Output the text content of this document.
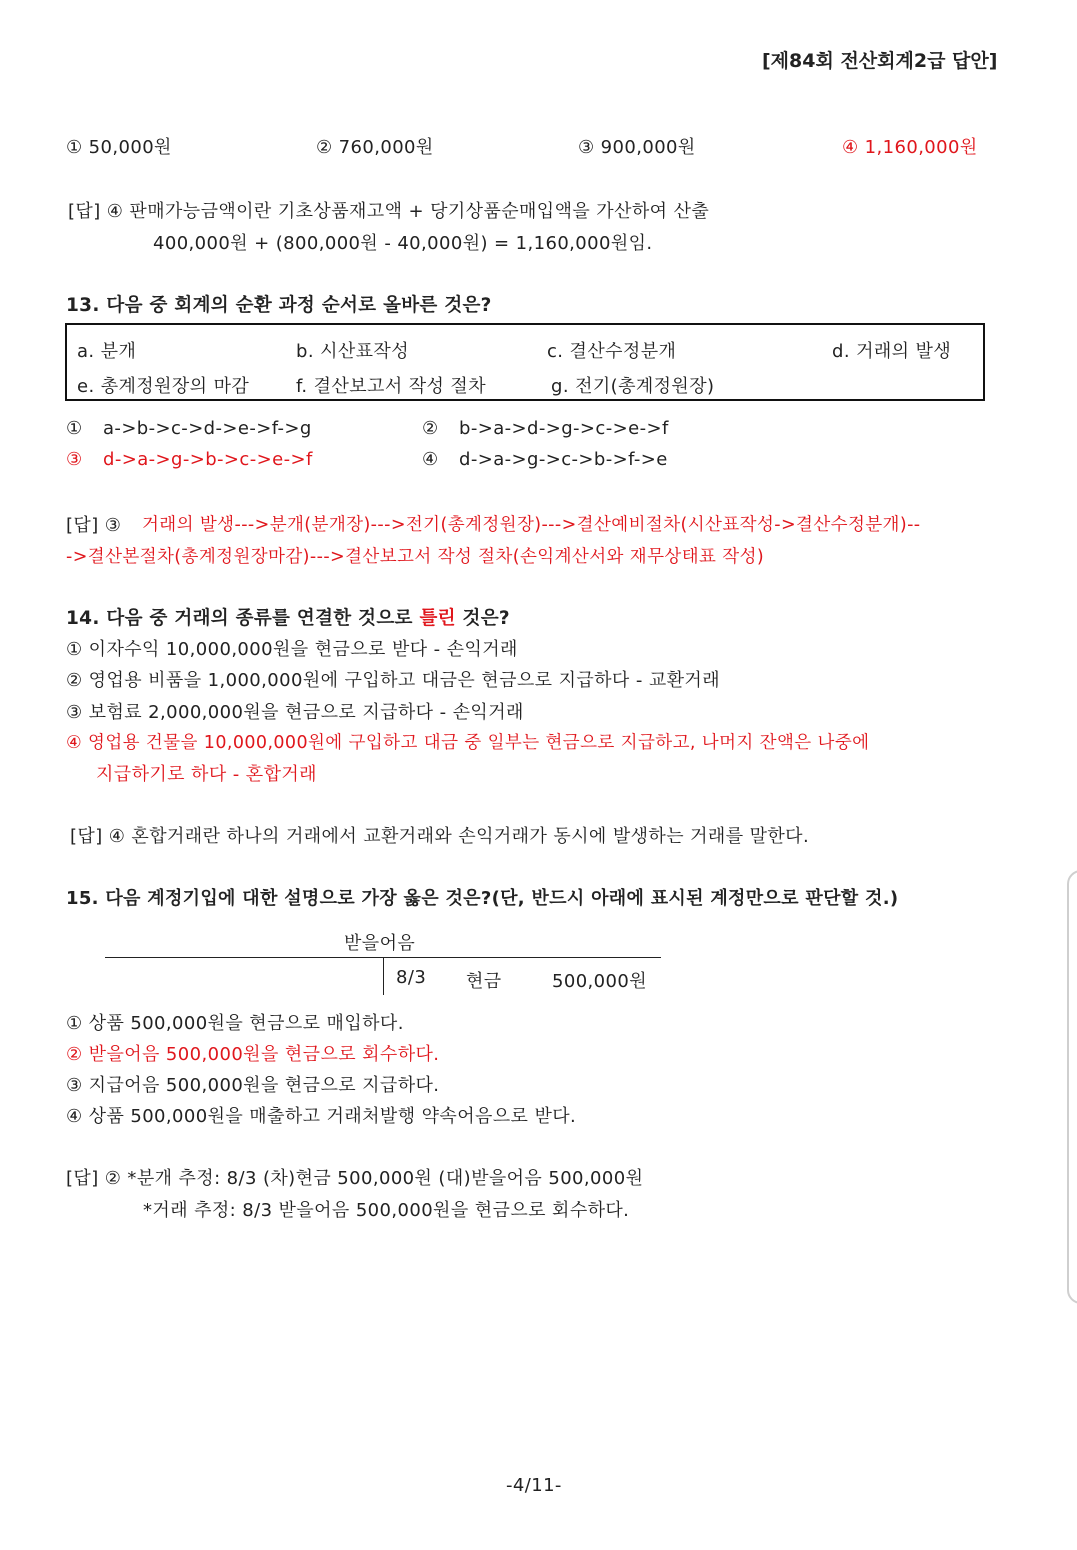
[제84회 전산회계2급 답안]
① 50,000원	② 760,000원	③ 900,000원	④ 1,160,000원
[답] ④ 판매가능금액이란 기초상품재고액 + 당기상품순매입액을 가산하여 산출
400,000원 + (800,000원 - 40,000원) = 1,160,000원임.
13. 다음 중 회계의 순환 과정 순서로 올바른 것은?
a. 분개	b. 시산표작성	c. 결산수정분개	d. 거래의 발생
e. 총계정원장의 마감	f. 결산보고서 작성 절차	g. 전기(총계정원장)
① a->b->c->d->e->f->g	② b->a->d->g->c->e->f
③ d->a->g->b->c->e->f	④ d->a->g->c->b->f->e
[답] ③ 거래의 발생--->분개(분개장)--->전기(총계정원장)--->결산예비절차(시산표작성->결산수정분개)--
->결산본절차(총계정원장마감)--->결산보고서 작성 절차(손익계산서와 재무상태표 작성)
14. 다음 중 거래의 종류를 연결한 것으로 틀린 것은?
① 이자수익 10,000,000원을 현금으로 받다 - 손익거래
② 영업용 비품을 1,000,000원에 구입하고 대금은 현금으로 지급하다 - 교환거래
③ 보험료 2,000,000원을 현금으로 지급하다 - 손익거래
④ 영업용 건물을 10,000,000원에 구입하고 대금 중 일부는 현금으로 지급하고, 나머지 잔액은 나중에
지급하기로 하다 - 혼합거래
[답] ④ 혼합거래란 하나의 거래에서 교환거래와 손익거래가 동시에 발생하는 거래를 말한다.
15. 다음 계정기입에 대한 설명으로 가장 옳은 것은?(단, 반드시 아래에 표시된 계정만으로 판단할 것.)
받을어음
8/3 현금	500,000원
① 상품 500,000원을 현금으로 매입하다.
② 받을어음 500,000원을 현금으로 회수하다.
③ 지급어음 500,000원을 현금으로 지급하다.
④ 상품 500,000원을 매출하고 거래처발행 약속어음으로 받다.
[답] ② *분개 추정: 8/3 (차)현금 500,000원 (대)받을어음 500,000원
*거래 추정: 8/3 받을어음 500,000원을 현금으로 회수하다.
-4/11-
